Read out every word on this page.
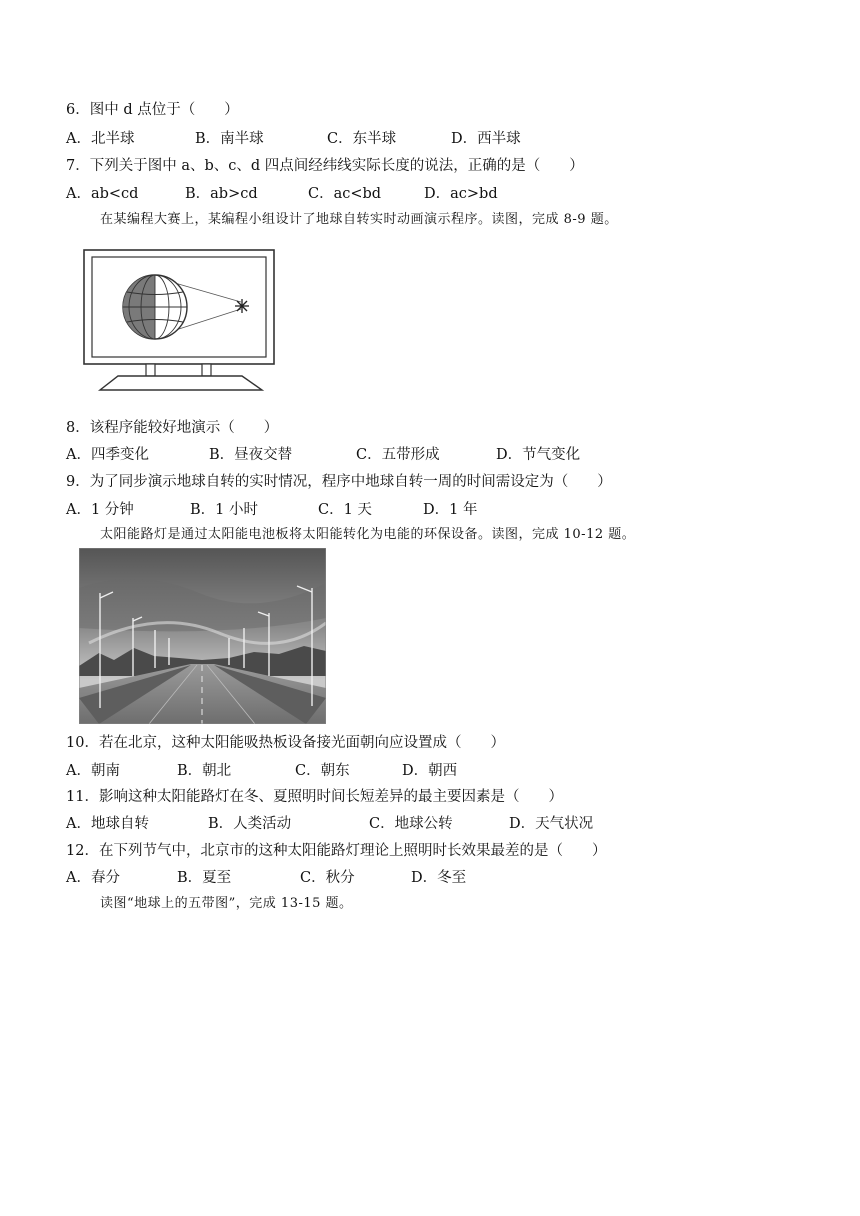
6．图中 d 点位于（　　）
A．北半球	B．南半球	C．东半球	D．西半球
7．下列关于图中 a、b、c、d 四点间经纬线实际长度的说法，正确的是（　　）
A．ab<cd	B．ab>cd	C．ac<bd	D．ac>bd
在某编程大赛上，某编程小组设计了地球自转实时动画演示程序。读图，完成 8-9 题。
8．该程序能较好地演示（　　）
A．四季变化	B．昼夜交替	C．五带形成	D．节气变化
9．为了同步演示地球自转的实时情况，程序中地球自转一周的时间需设定为（　　）
A．1 分钟	B．1 小时	C．1 天	D．1 年
太阳能路灯是通过太阳能电池板将太阳能转化为电能的环保设备。读图，完成 10-12 题。
10．若在北京，这种太阳能吸热板设备接光面朝向应设置成（　　）
A．朝南	B．朝北	C．朝东	D．朝西
11．影响这种太阳能路灯在冬、夏照明时间长短差异的最主要因素是（　　）
A．地球自转	B．人类活动	C．地球公转	D．天气状况
12．在下列节气中，北京市的这种太阳能路灯理论上照明时长效果最差的是（　　）
A．春分	B．夏至	C．秋分	D．冬至
读图“地球上的五带图”，完成 13-15 题。
